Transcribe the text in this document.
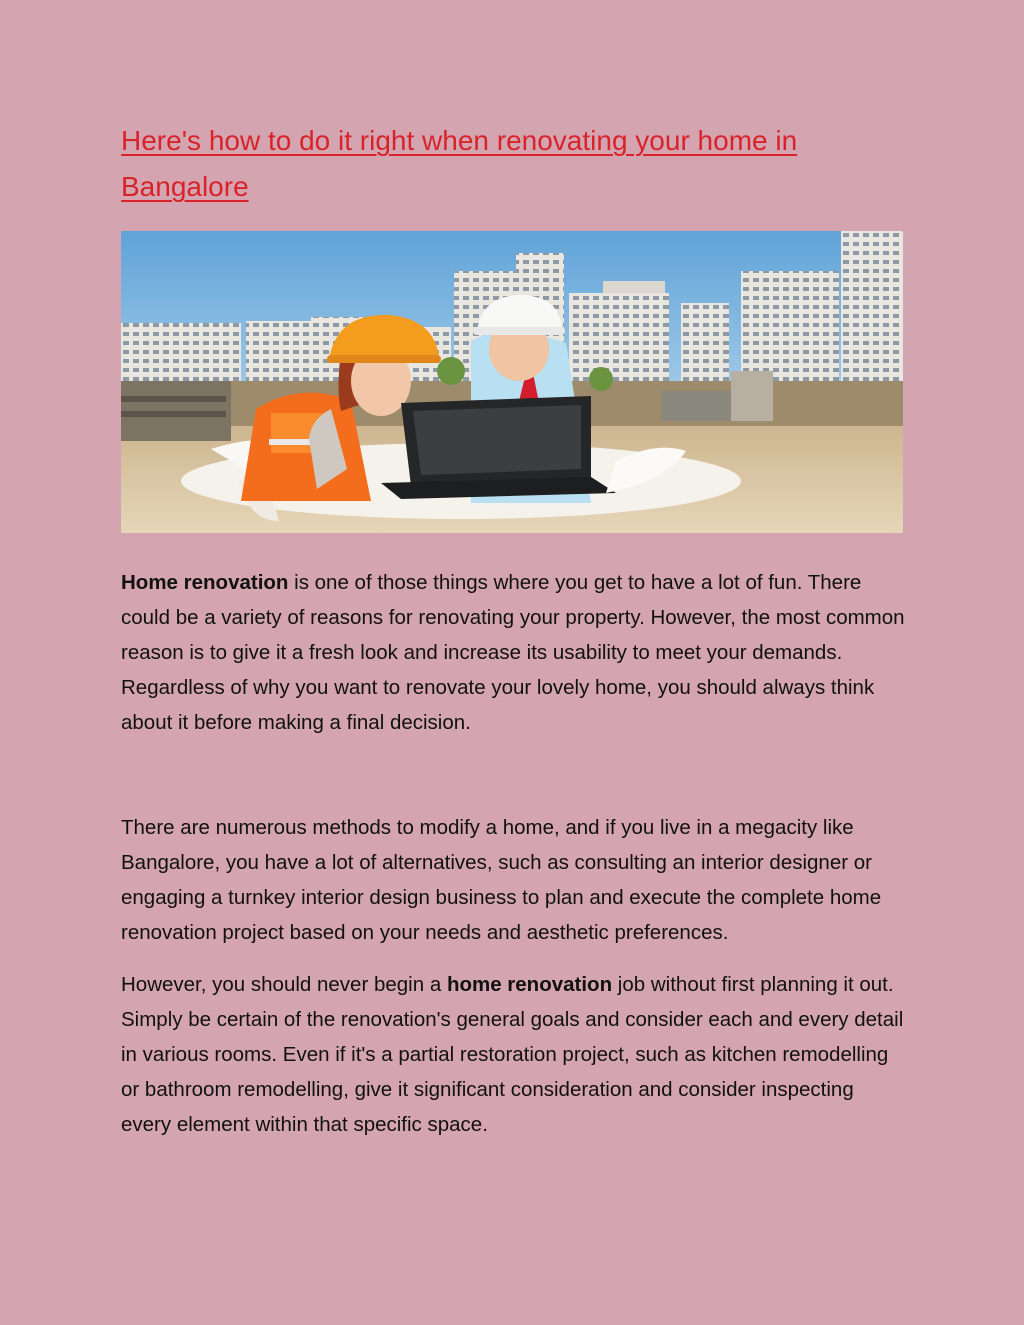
Here's how to do it right when renovating your home in Bangalore

Home renovation is one of those things where you get to have a lot of fun. There could be a variety of reasons for renovating your property. However, the most common reason is to give it a fresh look and increase its usability to meet your demands. Regardless of why you want to renovate your lovely home, you should always think about it before making a final decision.

There are numerous methods to modify a home, and if you live in a megacity like Bangalore, you have a lot of alternatives, such as consulting an interior designer or engaging a turnkey interior design business to plan and execute the complete home renovation project based on your needs and aesthetic preferences.

However, you should never begin a home renovation job without first planning it out. Simply be certain of the renovation's general goals and consider each and every detail in various rooms. Even if it's a partial restoration project, such as kitchen remodelling or bathroom remodelling, give it significant consideration and consider inspecting every element within that specific space.
